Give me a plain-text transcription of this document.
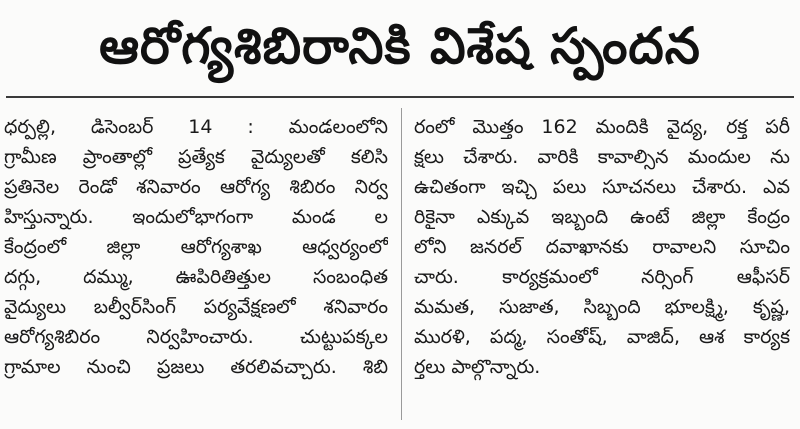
ఆరోగ్యశిబిరానికి విశేష స్పందన
ధర్పల్లి, డిసెంబర్ 14 : మండలంలోని
గ్రామీణ ప్రాంతాల్లో ప్రత్యేక వైద్యులతో కలిసి
ప్రతినెల రెండో శనివారం ఆరోగ్య శిబిరం నిర్వ
హిస్తున్నారు. ఇందులోభాగంగా మండ ల
కేంద్రంలో జిల్లా ఆరోగ్యశాఖ ఆధ్వర్యంలో
దగ్గు, దమ్ము, ఊపిరితిత్తుల సంబంధిత
వైద్యులు బల్వీర్‌సింగ్ పర్యవేక్షణలో శనివారం
ఆరోగ్యశిబిరం నిర్వహించారు. చుట్టుపక్కల
గ్రామాల నుంచి ప్రజలు తరలివచ్చారు. శిబి
రంలో మొత్తం 162 మందికి వైద్య, రక్త పరీ
క్షలు చేశారు. వారికి కావాల్సిన మందుల ను
ఉచితంగా ఇచ్చి పలు సూచనలు చేశారు. ఎవ
రికైనా ఎక్కువ ఇబ్బంది ఉంటే జిల్లా కేంద్రం
లోని జనరల్ దవాఖానకు రావాలని సూచిం
చారు. కార్యక్రమంలో నర్సింగ్ ఆఫీసర్
మమత, సుజాత, సిబ్బంది భూలక్ష్మి, కృష్ణ,
మురళి, పద్మ, సంతోష్, వాజిద్, ఆశ కార్యక
ర్తలు పాల్గొన్నారు.
